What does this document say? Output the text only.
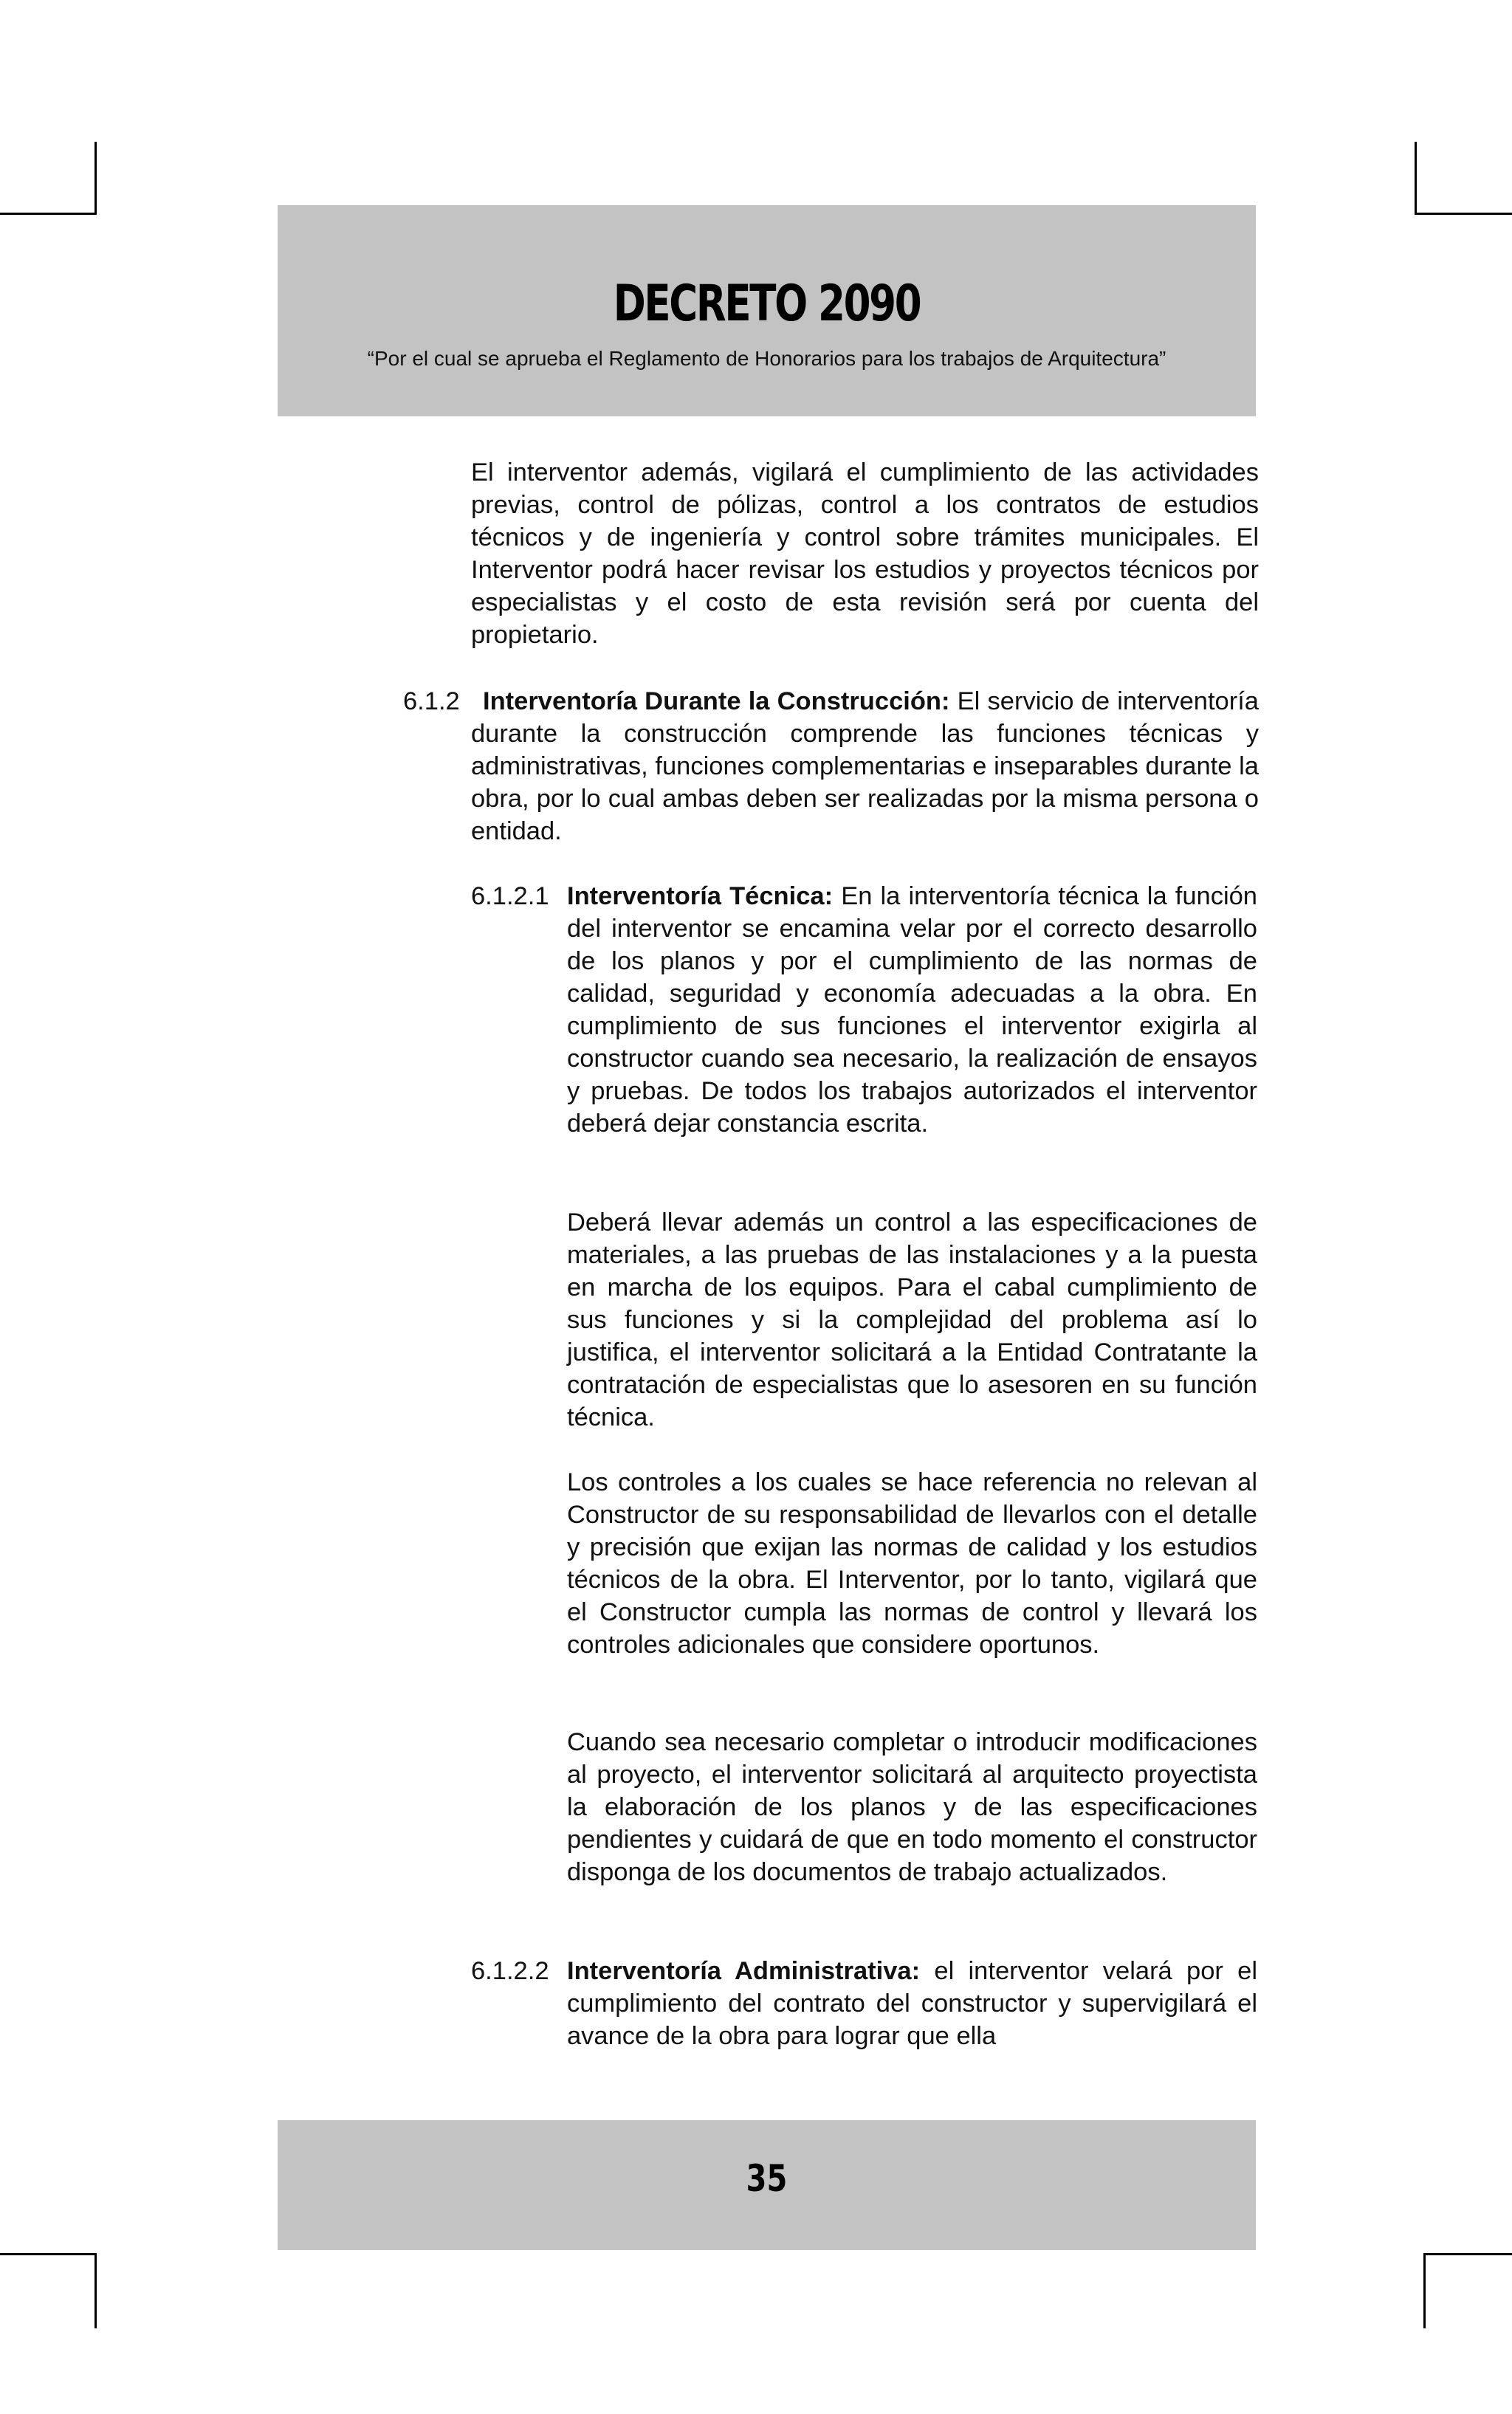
DECRETO 2090
“Por el cual se aprueba el Reglamento de Honorarios para los trabajos de Arquitectura”

El interventor además, vigilará el cumplimiento de las actividades previas, control de pólizas, control a los contratos de estudios técnicos y de ingeniería y control sobre trámites municipales. El Interventor podrá hacer revisar los estudios y proyectos técnicos por especialistas y el costo de esta revisión será por cuenta del propietario.

6.1.2 Interventoría Durante la Construcción: El servicio de interventoría durante la construcción comprende las funciones técnicas y administrativas, funciones complementarias e inseparables durante la obra, por lo cual ambas deben ser realizadas por la misma persona o entidad.

6.1.2.1 Interventoría Técnica: En la interventoría técnica la función del interventor se encamina velar por el correcto desarrollo de los planos y por el cumplimiento de las normas de calidad, seguridad y economía adecuadas a la obra. En cumplimiento de sus funciones el interventor exigirla al constructor cuando sea necesario, la realización de ensayos y pruebas. De todos los trabajos autorizados el interventor deberá dejar constancia escrita.

Deberá llevar además un control a las especificaciones de materiales, a las pruebas de las instalaciones y a la puesta en marcha de los equipos. Para el cabal cumplimiento de sus funciones y si la complejidad del problema así lo justifica, el interventor solicitará a la Entidad Contratante la contratación de especialistas que lo asesoren en su función técnica.

Los controles a los cuales se hace referencia no relevan al Constructor de su responsabilidad de llevarlos con el detalle y precisión que exijan las normas de calidad y los estudios técnicos de la obra. El Interventor, por lo tanto, vigilará que el Constructor cumpla las normas de control y llevará los controles adicionales que considere oportunos.

Cuando sea necesario completar o introducir modificaciones al proyecto, el interventor solicitará al arquitecto proyectista la elaboración de los planos y de las especificaciones pendientes y cuidará de que en todo momento el constructor disponga de los documentos de trabajo actualizados.

6.1.2.2 Interventoría Administrativa: el interventor velará por el cumplimiento del contrato del constructor y supervigilará el avance de la obra para lograr que ella

35
